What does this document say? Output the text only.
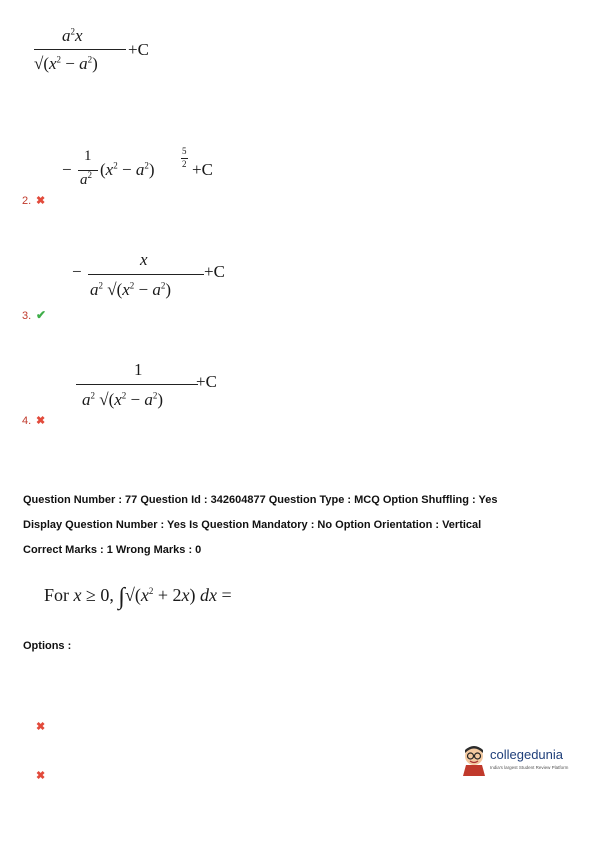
$a^2x$
$√(x^2 - a^2)$
+C
−
1
$a^2$ $(x^2 - a^2)$
5
2 +C
2. ✖
−
x
$a^2$ $√(x^2 - a^2)$
+C
3. ✔
1
$a^2$ $√(x^2 - a^2)$
+C
4. ✖
Question Number : 77 Question Id : 342604877 Question Type : MCQ Option Shuffling : Yes
Display Question Number : Yes Is Question Mandatory : No Option Orientation : Vertical
Correct Marks : 1 Wrong Marks : 0
For x ≥ 0, $\int√(x^2 + 2x)$ dx =
Options :
✖
✖
collegedunia
India's largest Student Review Platform
